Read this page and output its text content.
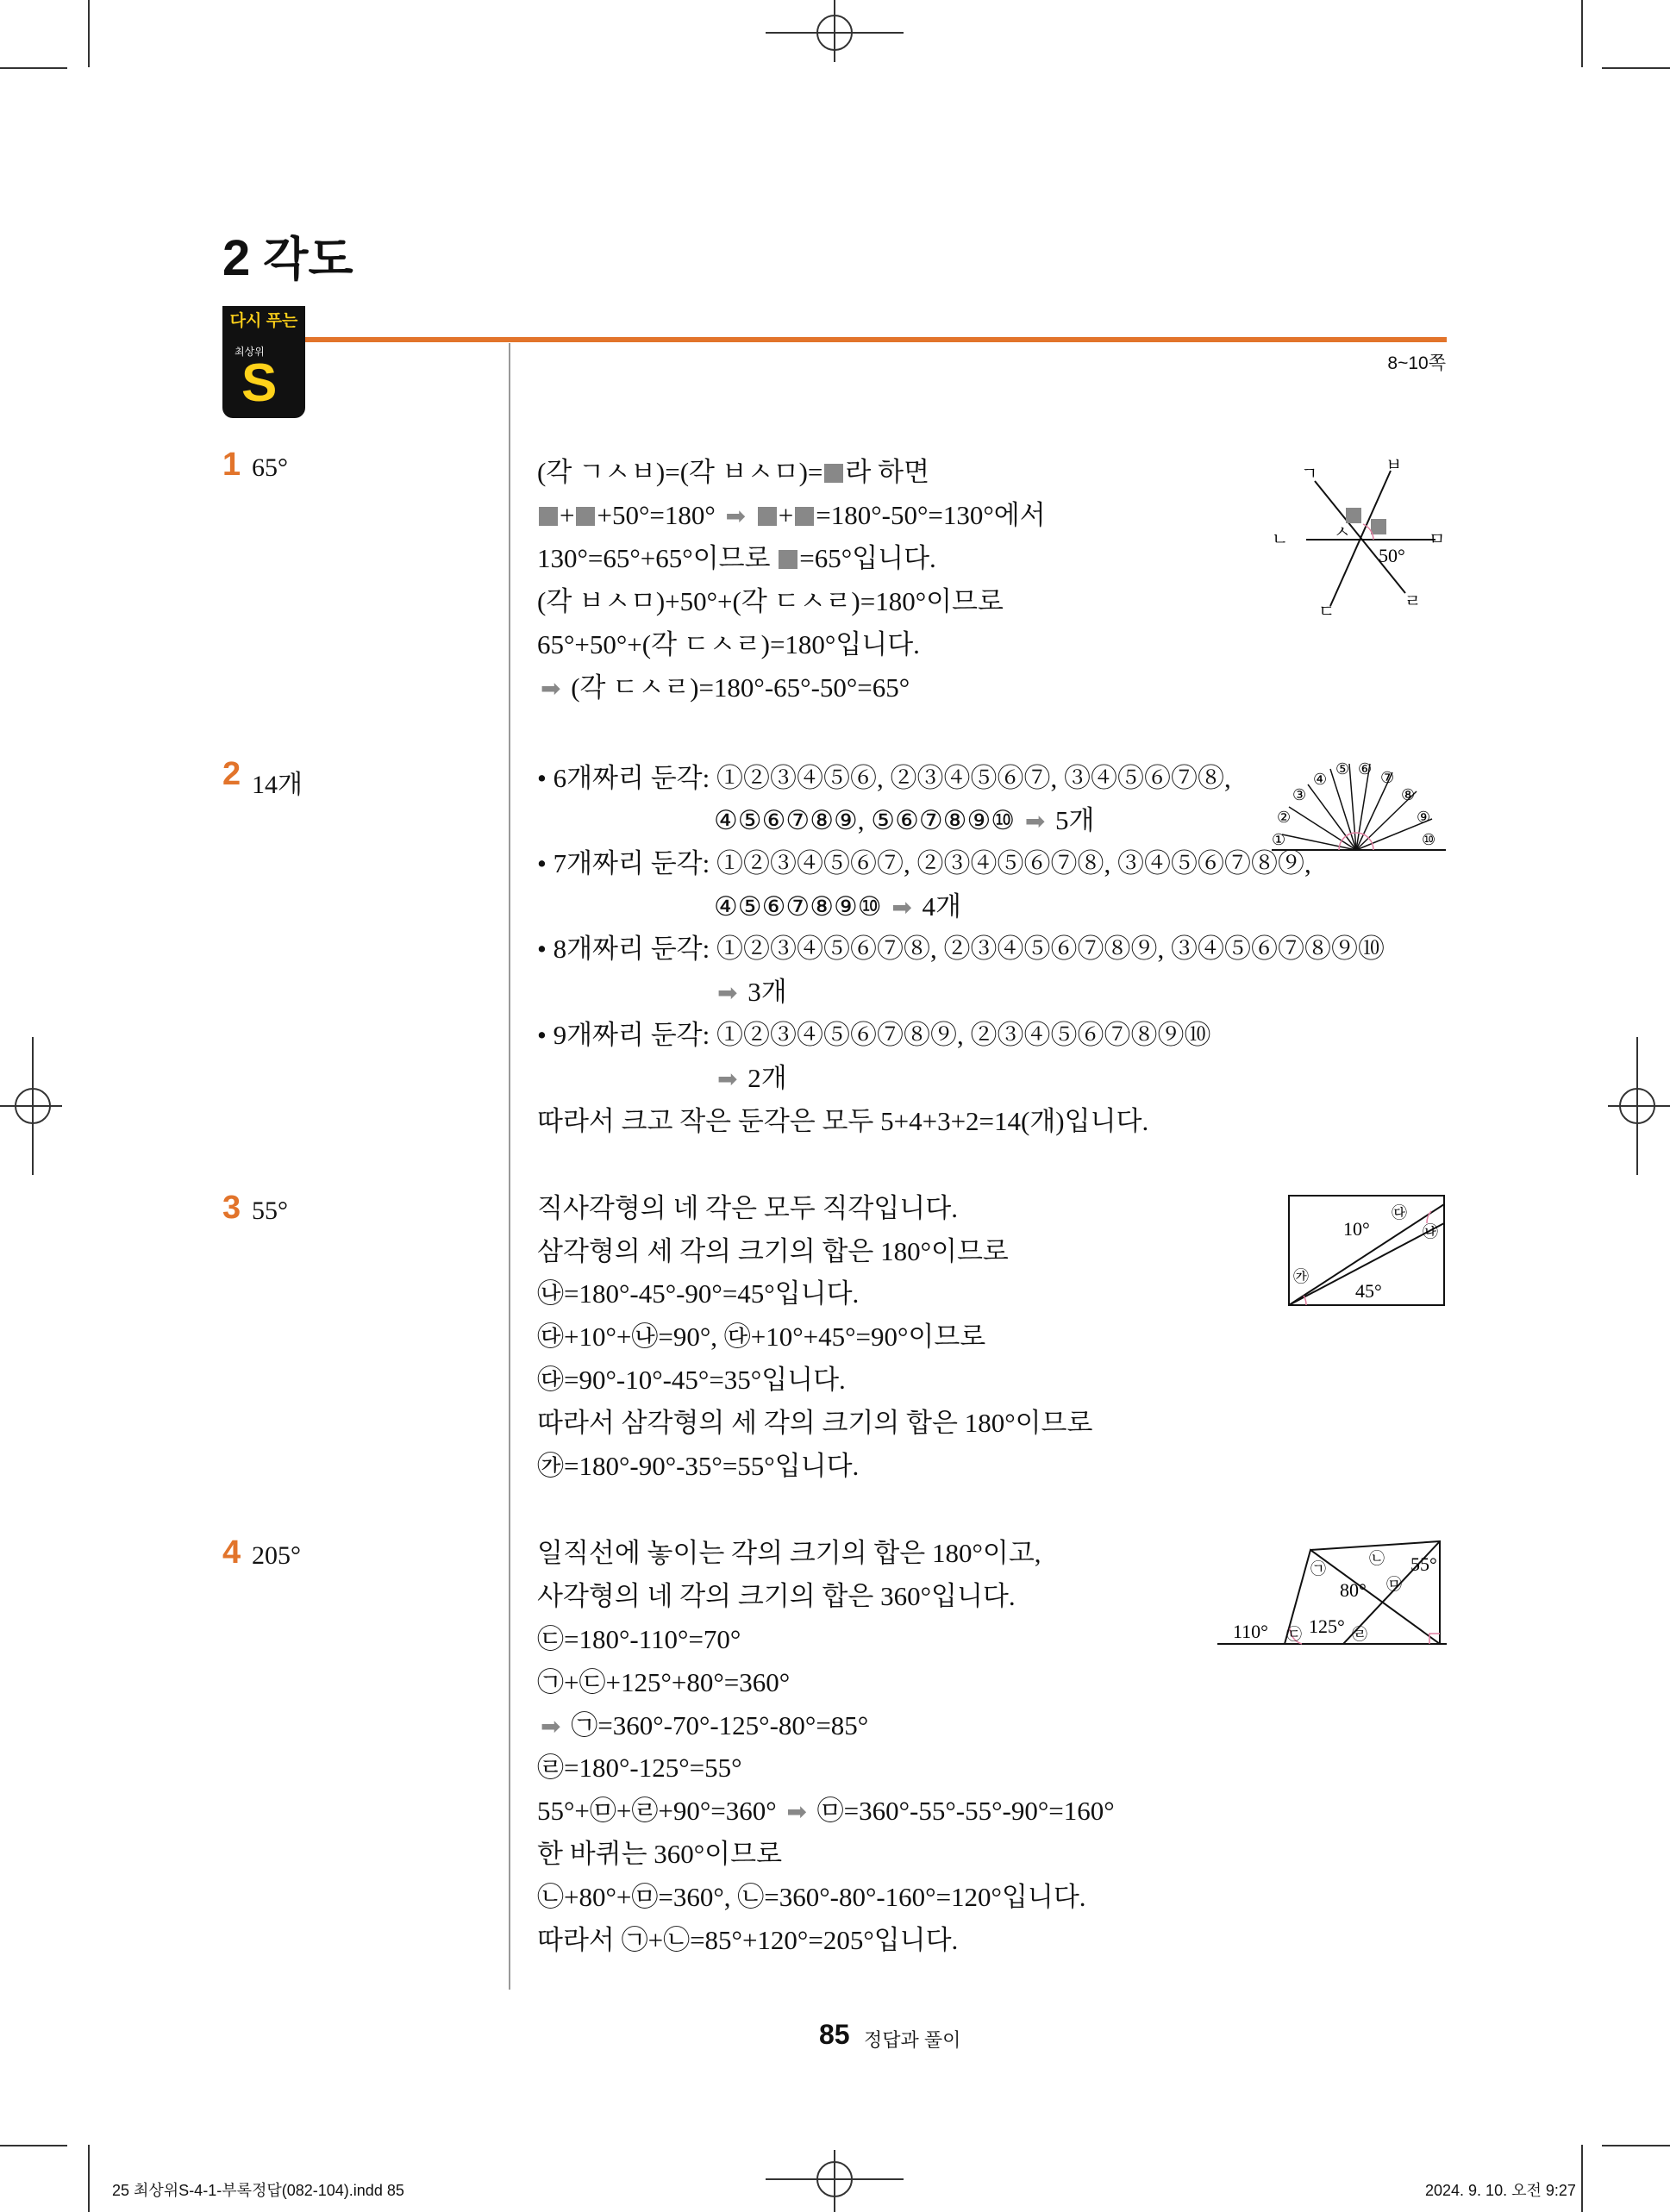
2 각도
다시 푸는
최상위
S	8~10쪽
1 65°	(각 ㄱㅅㅂ)=(각 ㅂㅅㅁ)= 라 하면
+ +50°=180° ➡ + =180°-50°=130°에서
130°=65°+65°이므로 =65°입니다.
(각 ㅂㅅㅁ)+50°+(각 ㄷㅅㄹ)=180°이므로
65°+50°+(각 ㄷㅅㄹ)=180°입니다.
➡ (각 ㄷㅅㄹ)=180°-65°-50°=65°
ㄱ	ㅂ
ㄴ	ㅅ	ㅁ
ㄷ
ㄹ
50°
2 14개	• 6개짜리 둔각: ①②③④⑤⑥, ②③④⑤⑥⑦, ③④⑤⑥⑦⑧,
④⑤⑥⑦⑧⑨, ⑤⑥⑦⑧⑨⑩ ➡ 5개
• 7개짜리 둔각: ①②③④⑤⑥⑦, ②③④⑤⑥⑦⑧, ③④⑤⑥⑦⑧⑨,
④⑤⑥⑦⑧⑨⑩ ➡ 4개
• 8개짜리 둔각: ①②③④⑤⑥⑦⑧, ②③④⑤⑥⑦⑧⑨, ③④⑤⑥⑦⑧⑨⑩
➡ 3개
• 9개짜리 둔각: ①②③④⑤⑥⑦⑧⑨, ②③④⑤⑥⑦⑧⑨⑩
➡ 2개
따라서 크고 작은 둔각은 모두 5+4+3+2=14(개)입니다.
①
②
③
④
⑤ ⑥ ⑦
⑧
⑨
⑩
3 55°	직사각형의 네 각은 모두 직각입니다.
삼각형의 세 각의 크기의 합은 180°이므로
㉯=180°-45°-90°=45°입니다.
㉰+10°+㉯=90°, ㉰+10°+45°=90°이므로
㉰=90°-10°-45°=35°입니다.
따라서 삼각형의 세 각의 크기의 합은 180°이므로
㉮=180°-90°-35°=55°입니다.
10°
㉰
㉯
㉮
45°
4 205°	일직선에 놓이는 각의 크기의 합은 180°이고,
사각형의 네 각의 크기의 합은 360°입니다.
㉢=180°-110°=70°
㉠+㉢+125°+80°=360°
➡ ㉠=360°-70°-125°-80°=85°
㉣=180°-125°=55°
55°+㉤+㉣+90°=360° ➡ ㉤=360°-55°-55°-90°=160°
한 바퀴는 360°이므로
㉡+80°+㉤=360°, ㉡=360°-80°-160°=120°입니다.
따라서 ㉠+㉡=85°+120°=205°입니다.
㉠
㉡ 55°
80° ㉤
110° ㉢ 125° ㉣
85 정답과 풀이
25 최상위S-4-1-부록정답(082-104).indd 85	2024. 9. 10. 오전 9:27
